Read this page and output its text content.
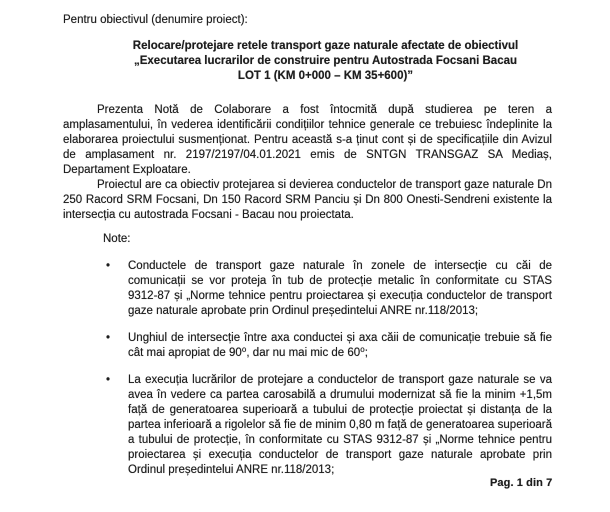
Pentru obiectivul (denumire proiect):
Relocare/protejare retele transport gaze naturale afectate de obiectivul
„Executarea lucrarilor de construire pentru Autostrada Focsani Bacau
LOT 1 (KM 0+000 – KM 35+600)”

Prezenta Notă de Colaborare a fost întocmită după studierea pe teren a amplasamentului, în vederea identificării condițiilor tehnice generale ce trebuiesc îndeplinite la elaborarea proiectului susmenționat. Pentru această s-a ținut cont și de specificațiile din Avizul de amplasament nr. 2197/2197/04.01.2021 emis de SNTGN TRANSGAZ SA Mediaș, Departament Exploatare.

Proiectul are ca obiectiv protejarea si devierea conductelor de transport gaze naturale Dn 250 Racord SRM Focsani, Dn 150 Racord SRM Panciu și Dn 800 Onesti-Sendreni existente la intersecția cu autostrada Focsani - Bacau nou proiectata.

Note:
• Conductele de transport gaze naturale în zonele de intersecție cu căi de comunicații se vor proteja în tub de protecție metalic în conformitate cu STAS 9312-87 și „Norme tehnice pentru proiectarea și execuția conductelor de transport gaze naturale aprobate prin Ordinul președintelui ANRE nr.118/2013;
• Unghiul de intersecție între axa conductei și axa căii de comunicație trebuie să fie cât mai apropiat de 90⁰, dar nu mai mic de 60⁰;
• La execuția lucrărilor de protejare a conductelor de transport gaze naturale se va avea în vedere ca partea carosabilă a drumului modernizat să fie la minim +1,5m față de generatoarea superioară a tubului de protecție proiectat și distanța de la partea inferioară a rigolelor să fie de minim 0,80 m față de generatoarea superioară a tubului de protecție, în conformitate cu STAS 9312-87 și „Norme tehnice pentru proiectarea și execuția conductelor de transport gaze naturale aprobate prin Ordinul președintelui ANRE nr.118/2013;
Pag. 1 din 7
